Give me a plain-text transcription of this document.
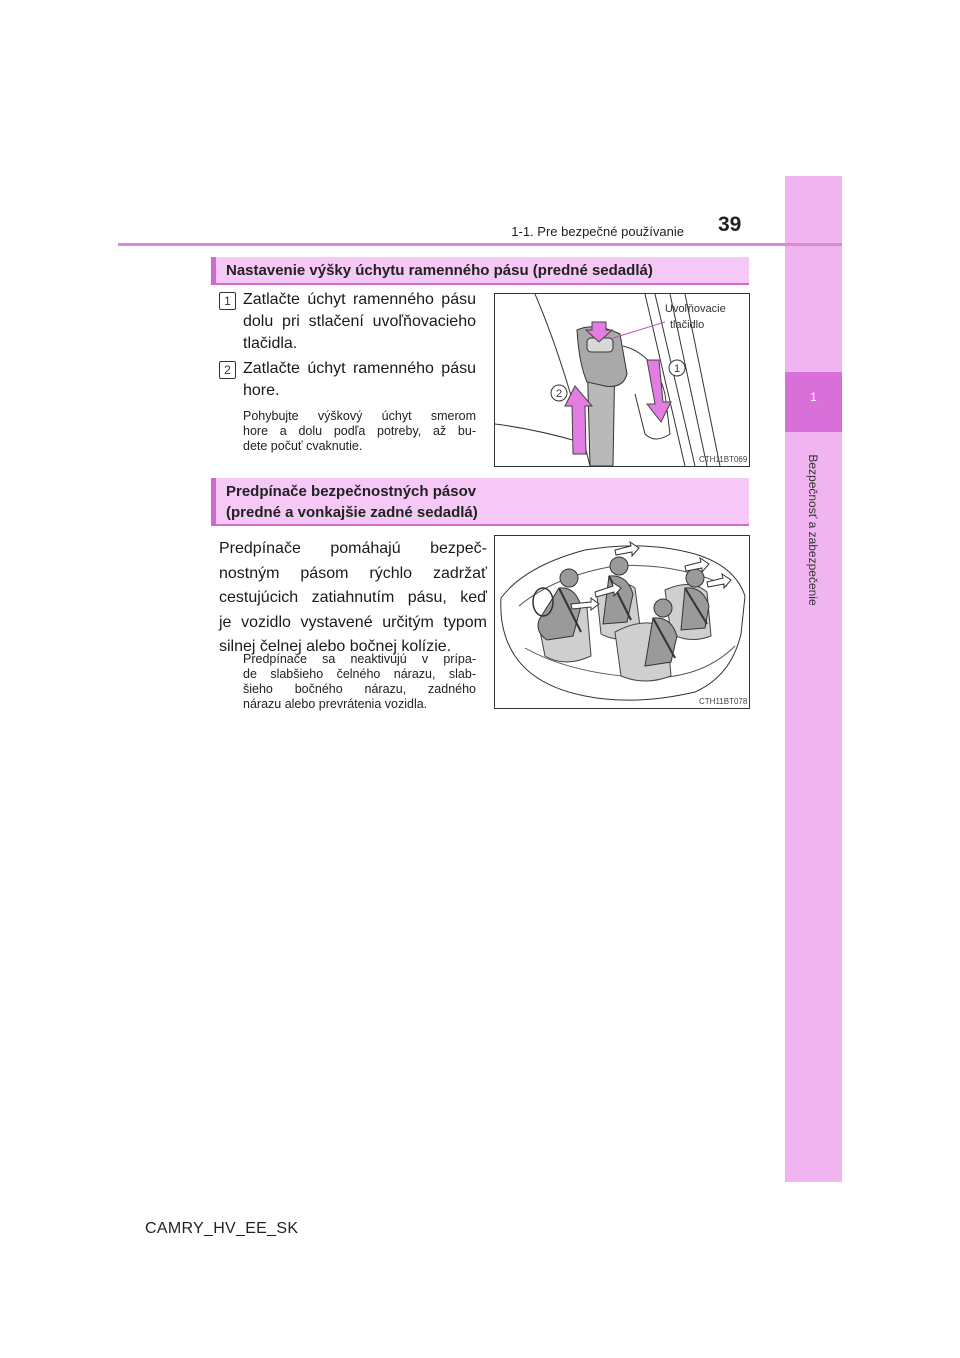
1
Bezpečnosť a zabezpečenie
1-1. Pre bezpečné používanie 39
Nastavenie výšky úchytu ramenného pásu (predné sedadlá)
1 Zatlačte úchyt ramenného pásu
dolu pri stlačení uvoľňovacieho
tlačidla.
2 Zatlačte úchyt ramenného pásu
hore.
Pohybujte výškový úchyt smerom
hore a dolu podľa potreby, až bu-
dete počuť cvaknutie.
Uvoľňovacie
tlačidlo
1
2
CTH11BT069
Predpínače bezpečnostných pásov
(predné a vonkajšie zadné sedadlá)
Predpínače pomáhajú bezpeč-
nostným pásom rýchlo zadržať
cestujúcich zatiahnutím pásu, keď
je vozidlo vystavené určitým typom
silnej čelnej alebo bočnej kolízie.
Predpínače sa neaktivujú v prípa-
de slabšieho čelného nárazu, slab-
šieho bočného nárazu, zadného
nárazu alebo prevrátenia vozidla.	CTH11BT078
CAMRY_HV_EE_SK
